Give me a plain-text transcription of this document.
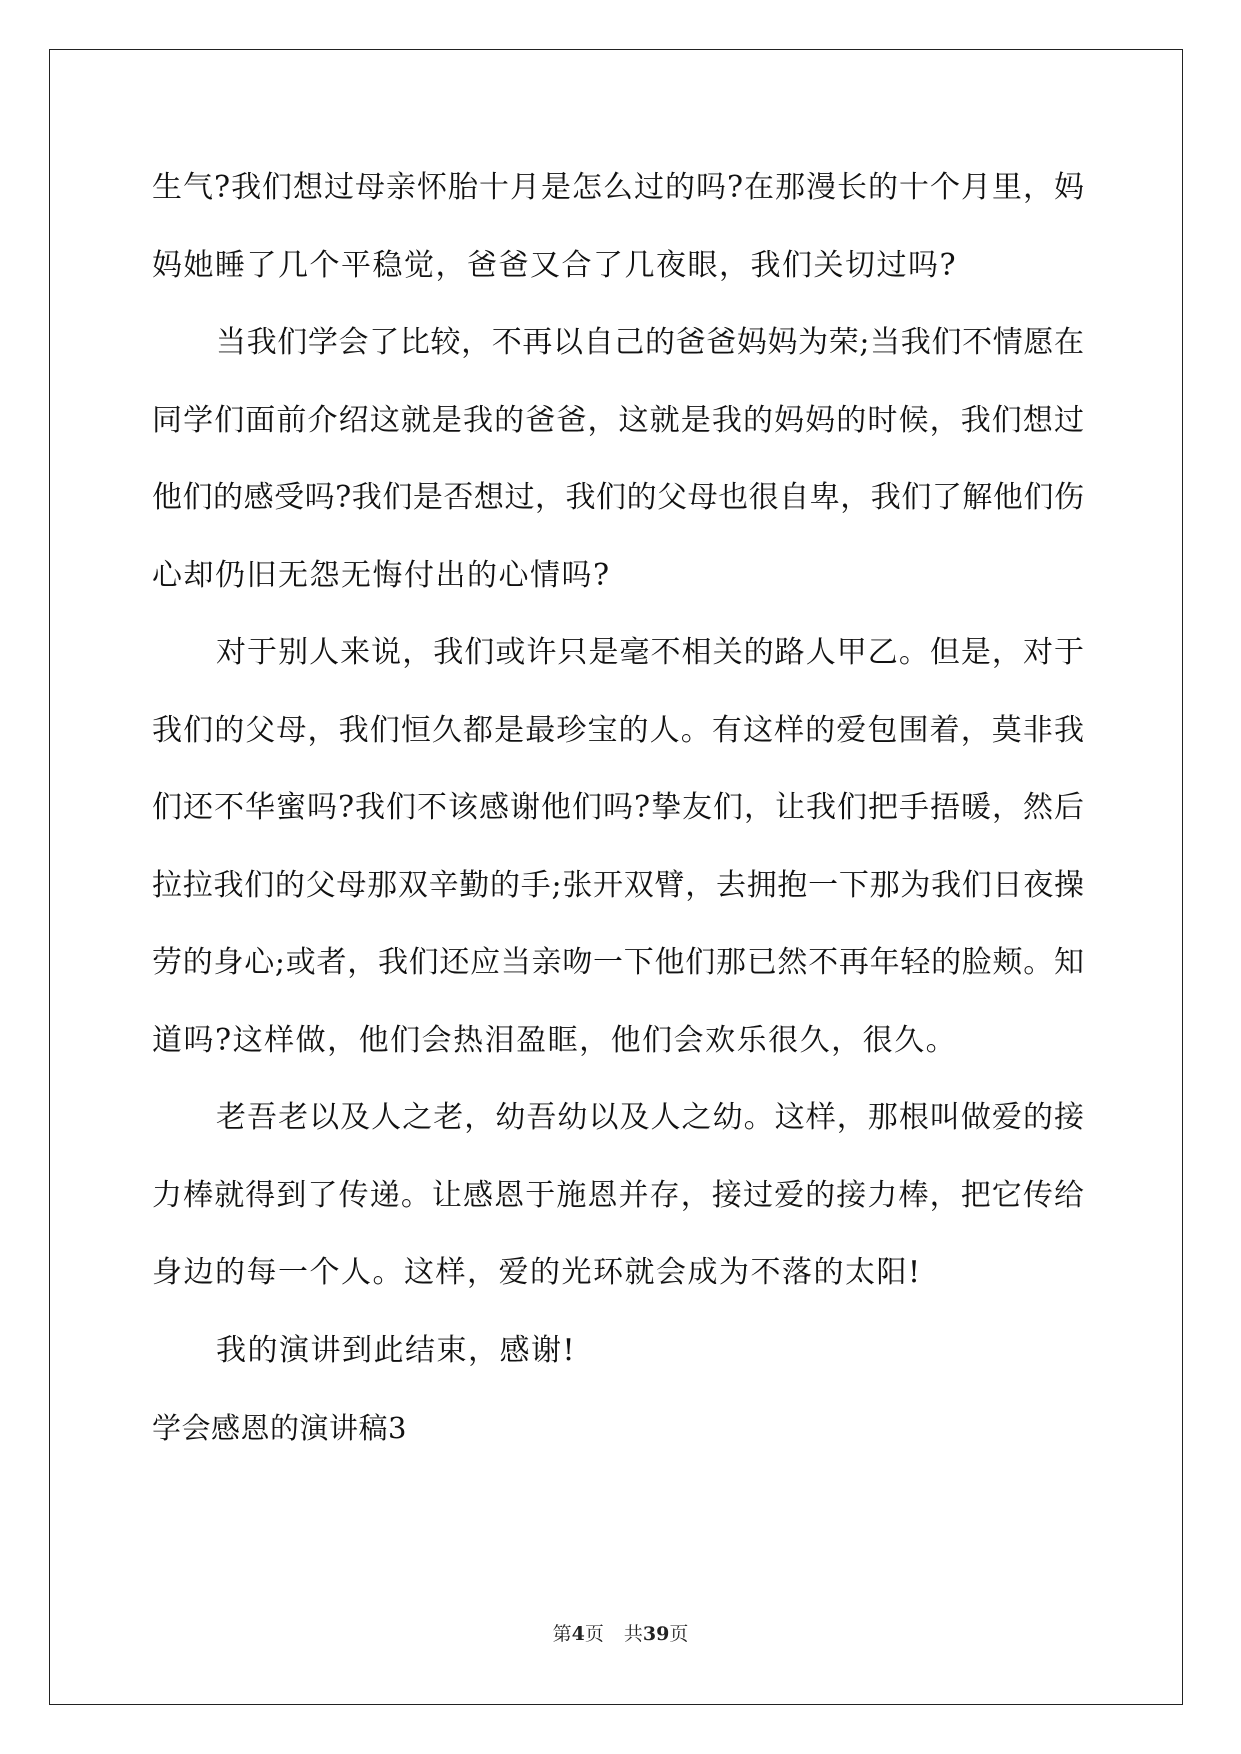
生气?我们想过母亲怀胎十月是怎么过的吗?在那漫长的十个月里，妈
妈她睡了几个平稳觉，爸爸又合了几夜眼，我们关切过吗?
当我们学会了比较，不再以自己的爸爸妈妈为荣;当我们不情愿在
同学们面前介绍这就是我的爸爸，这就是我的妈妈的时候，我们想过
他们的感受吗?我们是否想过，我们的父母也很自卑，我们了解他们伤
心却仍旧无怨无悔付出的心情吗?
对于别人来说，我们或许只是毫不相关的路人甲乙。但是，对于
我们的父母，我们恒久都是最珍宝的人。有这样的爱包围着，莫非我
们还不华蜜吗?我们不该感谢他们吗?挚友们，让我们把手捂暖，然后
拉拉我们的父母那双辛勤的手;张开双臂，去拥抱一下那为我们日夜操
劳的身心;或者，我们还应当亲吻一下他们那已然不再年轻的脸颊。知
道吗?这样做，他们会热泪盈眶，他们会欢乐很久，很久。
老吾老以及人之老，幼吾幼以及人之幼。这样，那根叫做爱的接
力棒就得到了传递。让感恩于施恩并存，接过爱的接力棒，把它传给
身边的每一个人。这样，爱的光环就会成为不落的太阳!
我的演讲到此结束，感谢!
学会感恩的演讲稿3
第4页 共39页
